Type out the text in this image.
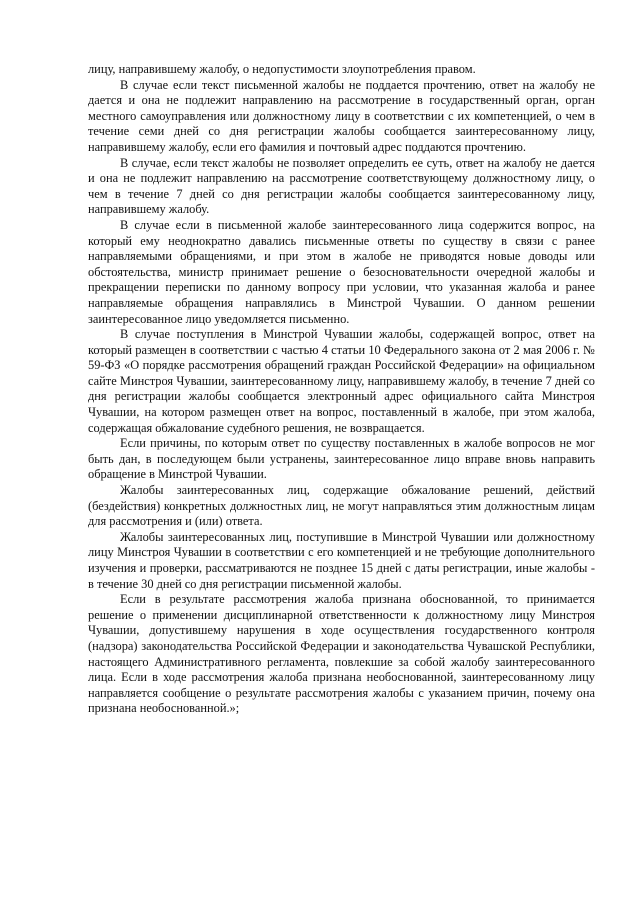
лицу, направившему жалобу, о недопустимости злоупотребления правом.

В случае если текст письменной жалобы не поддается прочтению, ответ на жалобу не дается и она не подлежит направлению на рассмотрение в государственный орган, орган местного самоуправления или должностному лицу в соответствии с их компетенцией, о чем в течение семи дней со дня регистрации жалобы сообщается заинтересованному лицу, направившему жалобу, если его фамилия и почтовый адрес поддаются прочтению.

В случае, если текст жалобы не позволяет определить ее суть, ответ на жалобу не дается и она не подлежит направлению на рассмотрение соответствующему должностному лицу, о чем в течение 7 дней со дня регистрации жалобы сообщается заинтересованному лицу, направившему жалобу.

В случае если в письменной жалобе заинтересованного лица содержится вопрос, на который ему неоднократно давались письменные ответы по существу в связи с ранее направляемыми обращениями, и при этом в жалобе не приводятся новые доводы или обстоятельства, министр принимает решение о безосновательности очередной жалобы и прекращении переписки по данному вопросу при условии, что указанная жалоба и ранее направляемые обращения направлялись в Минстрой Чувашии. О данном решении заинтересованное лицо уведомляется письменно.

В случае поступления в Минстрой Чувашии жалобы, содержащей вопрос, ответ на который размещен в соответствии с частью 4 статьи 10 Федерального закона от 2 мая 2006 г. № 59-ФЗ «О порядке рассмотрения обращений граждан Российской Федерации» на официальном сайте Минстроя Чувашии, заинтересованному лицу, направившему жалобу, в течение 7 дней со дня регистрации жалобы сообщается электронный адрес официального сайта Минстроя Чувашии, на котором размещен ответ на вопрос, поставленный в жалобе, при этом жалоба, содержащая обжалование судебного решения, не возвращается.

Если причины, по которым ответ по существу поставленных в жалобе вопросов не мог быть дан, в последующем были устранены, заинтересованное лицо вправе вновь направить обращение в Минстрой Чувашии.

Жалобы заинтересованных лиц, содержащие обжалование решений, действий (бездействия) конкретных должностных лиц, не могут направляться этим должностным лицам для рассмотрения и (или) ответа.

Жалобы заинтересованных лиц, поступившие в Минстрой Чувашии или должностному лицу Минстроя Чувашии в соответствии с его компетенцией и не требующие дополнительного изучения и проверки, рассматриваются не позднее 15 дней с даты регистрации, иные жалобы - в течение 30 дней со дня регистрации письменной жалобы.

Если в результате рассмотрения жалоба признана обоснованной, то принимается решение о применении дисциплинарной ответственности к должностному лицу Минстроя Чувашии, допустившему нарушения в ходе осуществления государственного контроля (надзора) законодательства Российской Федерации и законодательства Чувашской Республики, настоящего Административного регламента, повлекшие за собой жалобу заинтересованного лица. Если в ходе рассмотрения жалоба признана необоснованной, заинтересованному лицу направляется сообщение о результате рассмотрения жалобы с указанием причин, почему она признана необоснованной.»;
